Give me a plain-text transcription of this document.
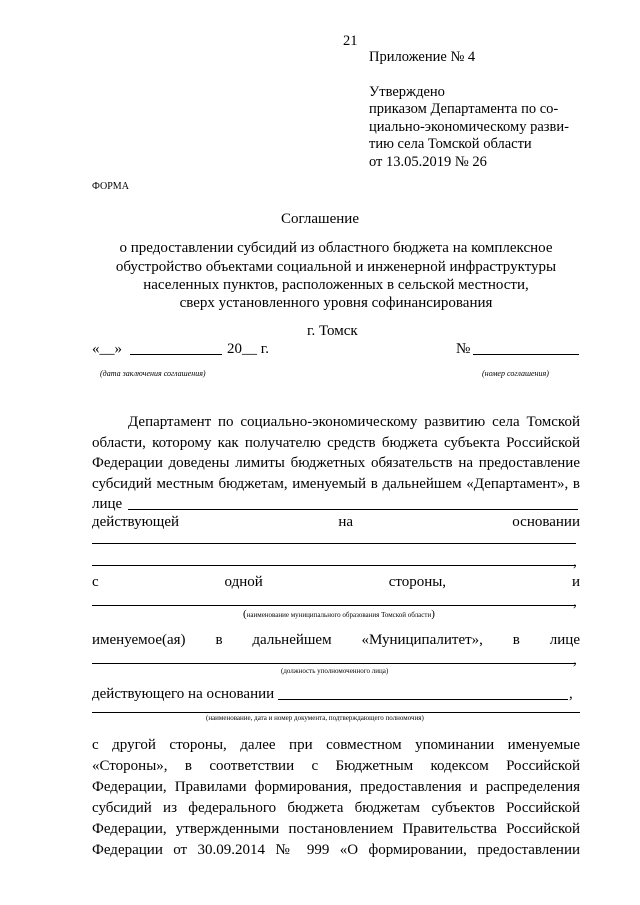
21
Приложение № 4
Утверждено
приказом Департамента по со-
циально-экономическому разви-
тию села Томской области
от 13.05.2019 № 26
ФОРМА
Соглашение
о предоставлении субсидий из областного бюджета на комплексное
обустройство объектами социальной и инженерной инфраструктуры
населенных пунктов, расположенных в сельской местности,
сверх установленного уровня софинансирования
г. Томск
«__»	20__ г.
(дата заключения соглашения)
№
(номер соглашения)
Департамент по социально-экономическому развитию села Томской
области, которому как получателю средств бюджета субъекта Российской
Федерации доведены лимиты бюджетных обязательств на предоставление
субсидий местным бюджетам, именуемый в дальнейшем «Департамент», в
лице
действующей	на	основании
,
с	одной	стороны,	и
,
(наименование муниципального образования Томской области)
именуемое(ая) в дальнейшем «Муниципалитет», в лице
,
(должность уполномоченного лица)
действующего на основании	,
(наименование, дата и номер документа, подтверждающего полномочия)
с другой стороны, далее при совместном упоминании именуемые
«Стороны», в соответствии с Бюджетным кодексом Российской
Федерации, Правилами формирования, предоставления и распределения
субсидий из федерального бюджета бюджетам субъектов Российской
Федерации, утвержденными постановлением Правительства Российской
Федерации от 30.09.2014 № 999 «О формировании, предоставлении
